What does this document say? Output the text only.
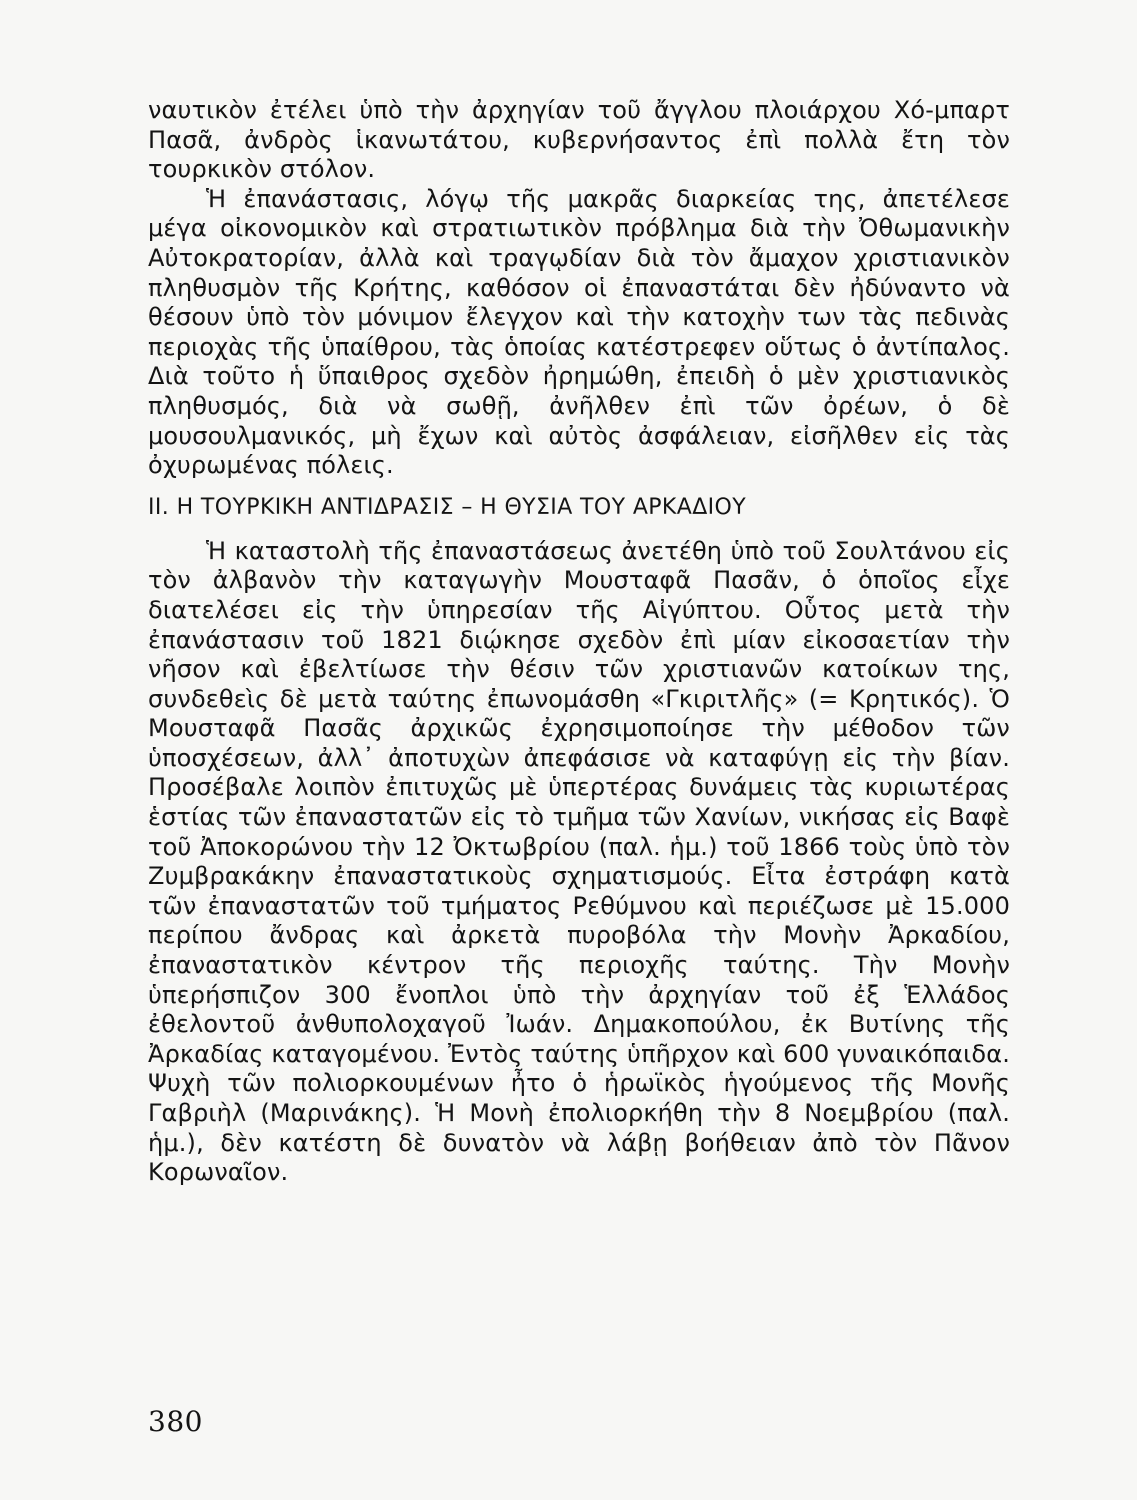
ναυτικὸν ἐτέλει ὑπὸ τὴν ἀρχηγίαν τοῦ ἄγγλου πλοιάρχου Χό-μπαρτ Πασᾶ, ἀνδρὸς ἱκανωτάτου, κυβερνήσαντος ἐπὶ πολλὰ ἔτη τὸν τουρκικὸν στόλον.

Ἡ ἐπανάστασις, λόγῳ τῆς μακρᾶς διαρκείας της, ἀπετέλεσε μέγα οἰκονομικὸν καὶ στρατιωτικὸν πρόβλημα διὰ τὴν Ὀθωμανικὴν Αὐτοκρατορίαν, ἀλλὰ καὶ τραγῳδίαν διὰ τὸν ἄμαχον χριστιανικὸν πληθυσμὸν τῆς Κρήτης, καθόσον οἱ ἐπαναστάται δὲν ἠδύναντο νὰ θέσουν ὑπὸ τὸν μόνιμον ἔλεγχον καὶ τὴν κατοχὴν των τὰς πεδινὰς περιοχὰς τῆς ὑπαίθρου, τὰς ὁποίας κατέστρεφεν οὕτως ὁ ἀντίπαλος. Διὰ τοῦτο ἡ ὕπαιθρος σχεδὸν ἠρημώθη, ἐπειδὴ ὁ μὲν χριστιανικὸς πληθυσμός, διὰ νὰ σωθῇ, ἀνῆλθεν ἐπὶ τῶν ὀρέων, ὁ δὲ μουσουλμανικός, μὴ ἔχων καὶ αὐτὸς ἀσφάλειαν, εἰσῆλθεν εἰς τὰς ὀχυρωμένας πόλεις.

II. Η ΤΟΥΡΚΙΚΗ ΑΝΤΙΔΡΑΣΙΣ – Η ΘΥΣΙΑ ΤΟΥ ΑΡΚΑΔΙΟΥ

Ἡ καταστολὴ τῆς ἐπαναστάσεως ἀνετέθη ὑπὸ τοῦ Σουλτάνου εἰς τὸν ἀλβανὸν τὴν καταγωγὴν Μουσταφᾶ Πασᾶν, ὁ ὁποῖος εἶχε διατελέσει εἰς τὴν ὑπηρεσίαν τῆς Αἰγύπτου. Οὗτος μετὰ τὴν ἐπανάστασιν τοῦ 1821 διῴκησε σχεδὸν ἐπὶ μίαν εἰκοσαετίαν τὴν νῆσον καὶ ἐβελτίωσε τὴν θέσιν τῶν χριστιανῶν κατοίκων της, συνδεθεὶς δὲ μετὰ ταύτης ἐπωνομάσθη «Γκιριτλῆς» (= Κρητικός). Ὁ Μουσταφᾶ Πασᾶς ἀρχικῶς ἐχρησιμοποίησε τὴν μέθοδον τῶν ὑποσχέσεων, ἀλλ᾽ ἀποτυχὼν ἀπεφάσισε νὰ καταφύγῃ εἰς τὴν βίαν. Προσέβαλε λοιπὸν ἐπιτυχῶς μὲ ὑπερτέρας δυνάμεις τὰς κυριωτέρας ἑστίας τῶν ἐπαναστατῶν εἰς τὸ τμῆμα τῶν Χανίων, νικήσας εἰς Βαφὲ τοῦ Ἀποκορώνου τὴν 12 Ὀκτωβρίου (παλ. ἡμ.) τοῦ 1866 τοὺς ὑπὸ τὸν Ζυμβρακάκην ἐπαναστατικοὺς σχηματισμούς. Εἶτα ἐστράφη κατὰ τῶν ἐπαναστατῶν τοῦ τμήματος Ρεθύμνου καὶ περιέζωσε μὲ 15.000 περίπου ἄνδρας καὶ ἀρκετὰ πυροβόλα τὴν Μονὴν Ἀρκαδίου, ἐπαναστατικὸν κέντρον τῆς περιοχῆς ταύτης. Τὴν Μονὴν ὑπερήσπιζον 300 ἔνοπλοι ὑπὸ τὴν ἀρχηγίαν τοῦ ἐξ Ἑλλάδος ἐθελοντοῦ ἀνθυπολοχαγοῦ Ἰωάν. Δημακοπούλου, ἐκ Βυτίνης τῆς Ἀρκαδίας καταγομένου. Ἐντὸς ταύτης ὑπῆρχον καὶ 600 γυναικόπαιδα. Ψυχὴ τῶν πολιορκουμένων ἦτο ὁ ἡρωϊκὸς ἡγούμενος τῆς Μονῆς Γαβριὴλ (Μαρινάκης). Ἡ Μονὴ ἐπολιορκήθη τὴν 8 Νοεμβρίου (παλ. ἡμ.), δὲν κατέστη δὲ δυνατὸν νὰ λάβῃ βοήθειαν ἀπὸ τὸν Πᾶνον Κορωναῖον.

380
